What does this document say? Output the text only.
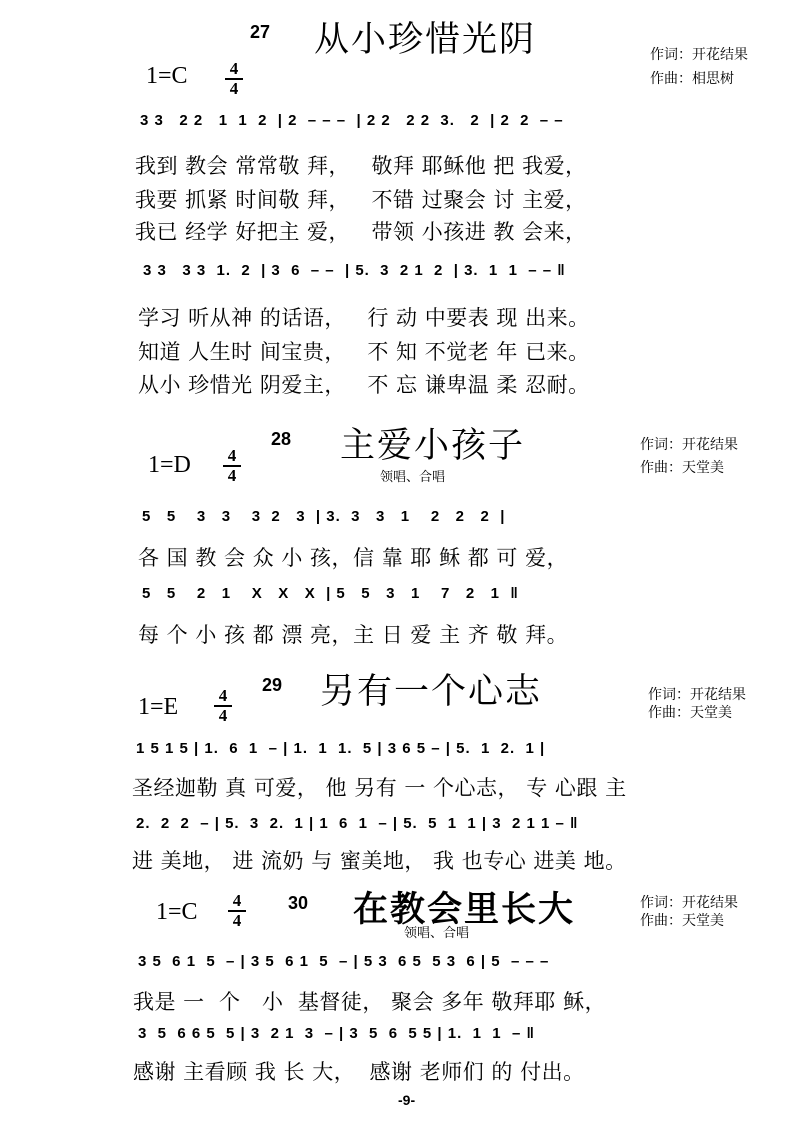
27 从小珍惜光阴
1=C	4
4
作词：开花结果
作曲：相思树
3 3   2 2   1  1  2  | 2  – – –  | 2 2   2 2  3.   2  | 2  2  – –
我到 教会 常常敬 拜，   敬拜 耶稣他 把 我爱，
我要 抓紧 时间敬 拜，   不错 过聚会 讨 主爱，
我已 经学 好把主 爱，   带领 小孩进 教 会来，
3 3   3 3  1.  2  | 3  6  – –  | 5.  3  2 1  2  | 3.  1  1  – – ‖
学习 听从神 的话语，   行 动 中要表 现 出来。
知道 人生时 间宝贵，   不 知 不觉老 年 已来。
从小 珍惜光 阴爱主，   不 忘 谦卑温 柔 忍耐。
28 主爱小孩子
领唱、合唱
1=D	4
4
作词：开花结果
作曲：天堂美
5   5    3   3    3  2   3  | 3.  3   3   1    2   2   2  |
各 国 教 会 众 小 孩，信 靠 耶 稣 都 可 爱，
5   5    2   1    X   X   X  | 5   5   3   1    7   2   1  ‖
每 个 小 孩 都 漂 亮，主 日 爱 主 齐 敬 拜。
29 另有一个心志
1=E	4
4
作词：开花结果
作曲：天堂美
1 5 1 5 | 1.  6  1  – | 1.  1  1.  5 | 3 6 5 – | 5.  1  2.  1 |
圣经迦勒 真 可爱， 他 另有 一 个心志， 专 心跟 主
2.  2  2  – | 5.  3  2.  1 | 1  6  1  – | 5.  5  1  1 | 3  2 1 1 – ‖
进 美地， 进 流奶 与 蜜美地， 我 也专心 进美 地。
30 在教会里长大
领唱、合唱
1=C	4
4
作词：开花结果
作曲：天堂美
3 5  6 1  5  – | 3 5  6 1  5  – | 5 3  6 5  5 3  6 | 5  – – –
我是 一  个   小  基督徒， 聚会 多年 敬拜耶 稣，
3  5  6 6 5  5 | 3  2 1  3  – | 3  5  6  5 5 | 1.  1  1  – ‖
感谢 主看顾 我 长 大，  感谢 老师们 的 付出。
-9-
